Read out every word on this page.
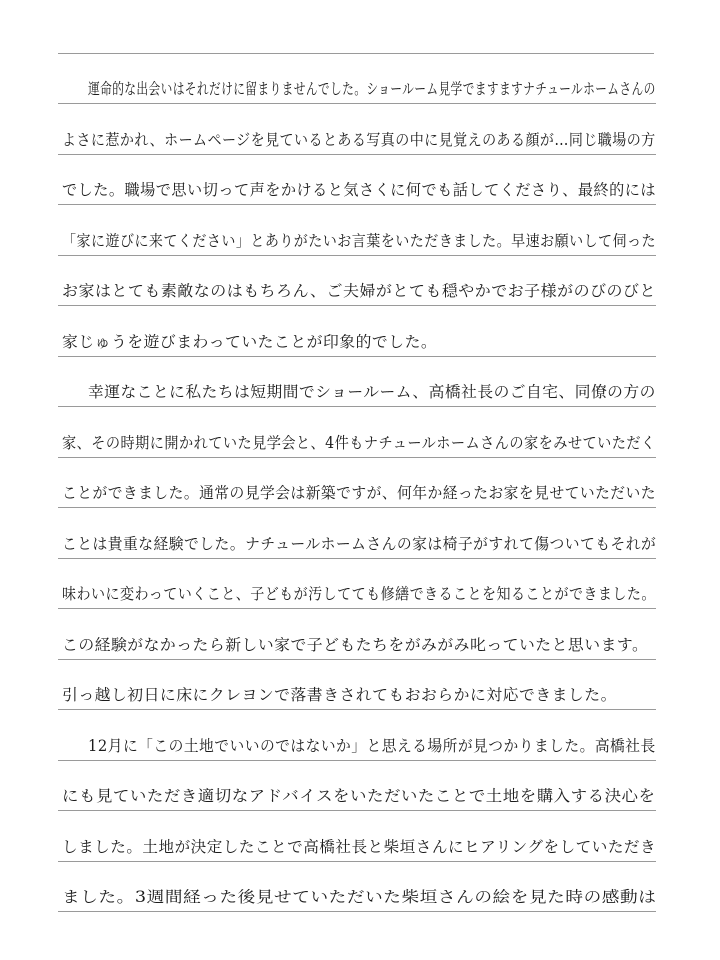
運命的な出会いはそれだけに留まりませんでした。ショールーム見学でますますナチュールホームさんの
よさに惹かれ、ホームページを見ているとある写真の中に見覚えのある顔が…同じ職場の方
でした。職場で思い切って声をかけると気さくに何でも話してくださり、最終的には
「家に遊びに来てください」とありがたいお言葉をいただきました。早速お願いして伺った
お家はとても素敵なのはもちろん、ご夫婦がとても穏やかでお子様がのびのびと
家じゅうを遊びまわっていたことが印象的でした。
幸運なことに私たちは短期間でショールーム、高橋社長のご自宅、同僚の方の
家、その時期に開かれていた見学会と、4件もナチュールホームさんの家をみせていただく
ことができました。通常の見学会は新築ですが、何年か経ったお家を見せていただいた
ことは貴重な経験でした。ナチュールホームさんの家は椅子がすれて傷ついてもそれが
味わいに変わっていくこと、子どもが汚してても修繕できることを知ることができました。
この経験がなかったら新しい家で子どもたちをがみがみ叱っていたと思います。
引っ越し初日に床にクレヨンで落書きされてもおおらかに対応できました。
12月に「この土地でいいのではないか」と思える場所が見つかりました。高橋社長
にも見ていただき適切なアドバイスをいただいたことで土地を購入する決心を
しました。土地が決定したことで高橋社長と柴垣さんにヒアリングをしていただき
ました。3週間経った後見せていただいた柴垣さんの絵を見た時の感動は
